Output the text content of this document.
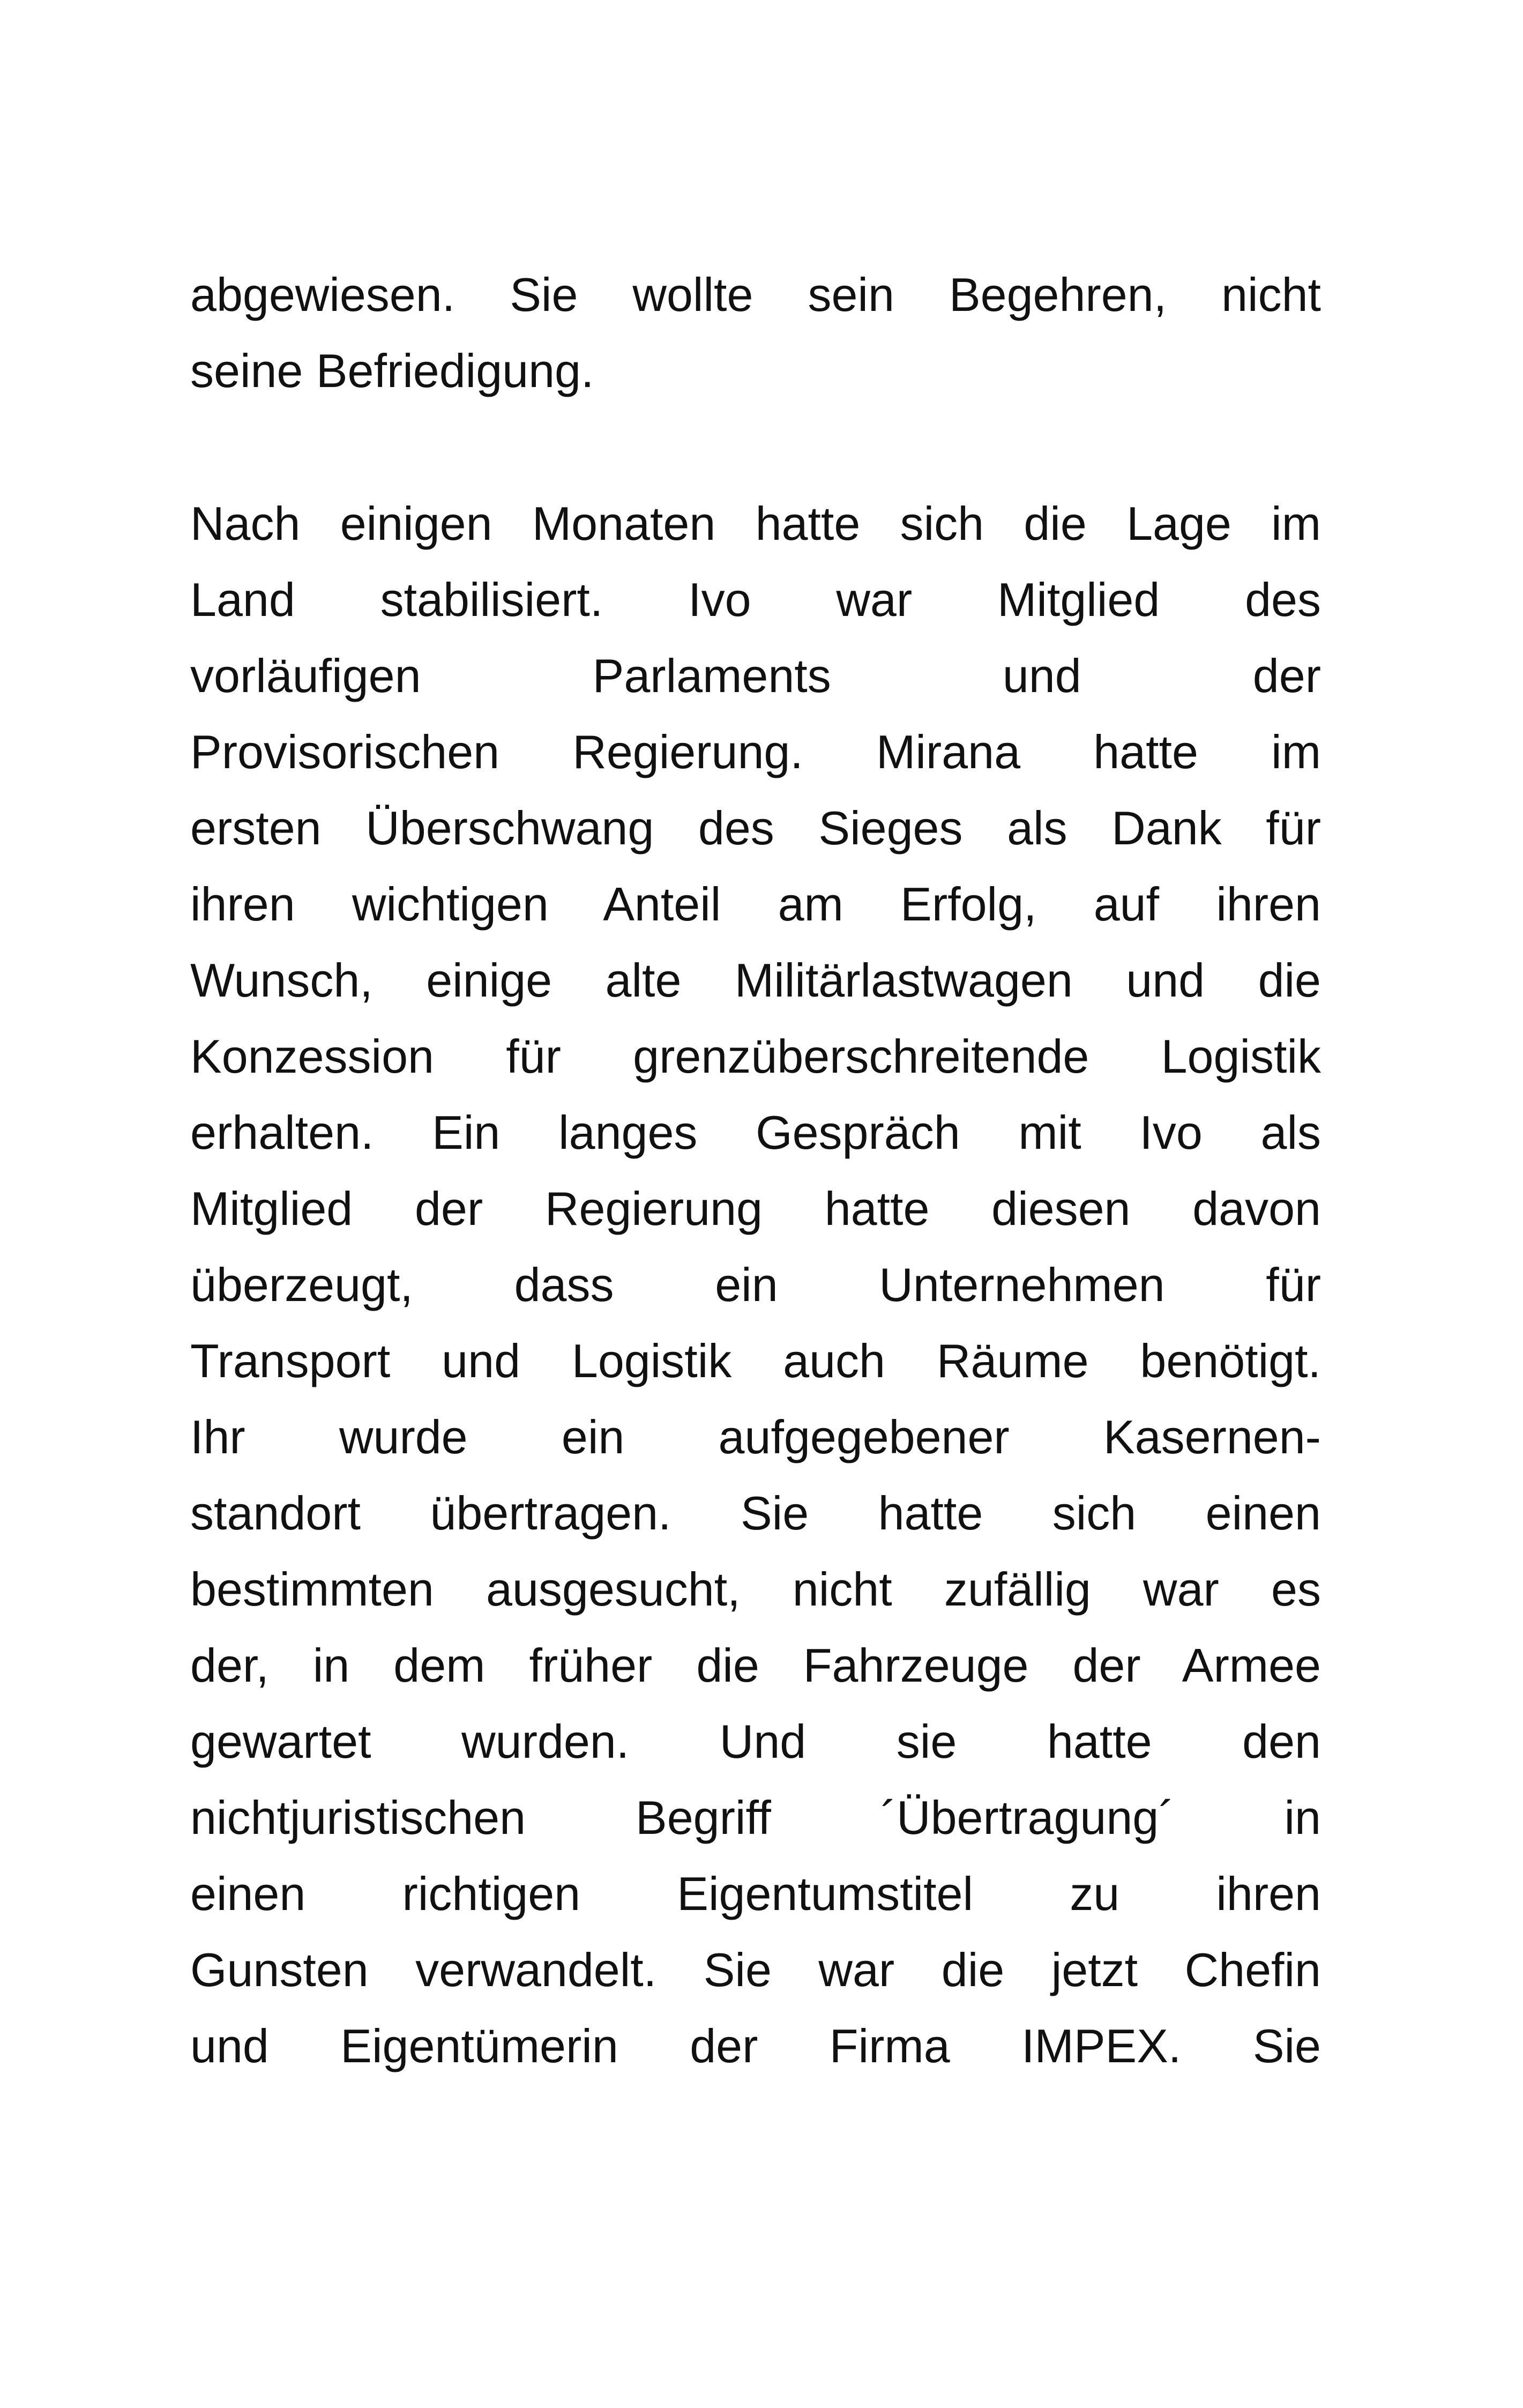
abgewiesen. Sie wollte sein Begehren, nicht
seine Befriedigung.
Nach einigen Monaten hatte sich die Lage im
Land stabilisiert. Ivo war Mitglied des
vorläufigen Parlaments und der
Provisorischen Regierung. Mirana hatte im
ersten Überschwang des Sieges als Dank für
ihren wichtigen Anteil am Erfolg, auf ihren
Wunsch, einige alte Militärlastwagen und die
Konzession für grenzüberschreitende Logistik
erhalten. Ein langes Gespräch mit Ivo als
Mitglied der Regierung hatte diesen davon
überzeugt, dass ein Unternehmen für
Transport und Logistik auch Räume benötigt.
Ihr wurde ein aufgegebener Kasernen-
standort übertragen. Sie hatte sich einen
bestimmten ausgesucht, nicht zufällig war es
der, in dem früher die Fahrzeuge der Armee
gewartet wurden. Und sie hatte den
nichtjuristischen Begriff ´Übertragung´ in
einen richtigen Eigentumstitel zu ihren
Gunsten verwandelt. Sie war die jetzt Chefin
und Eigentümerin der Firma IMPEX. Sie
